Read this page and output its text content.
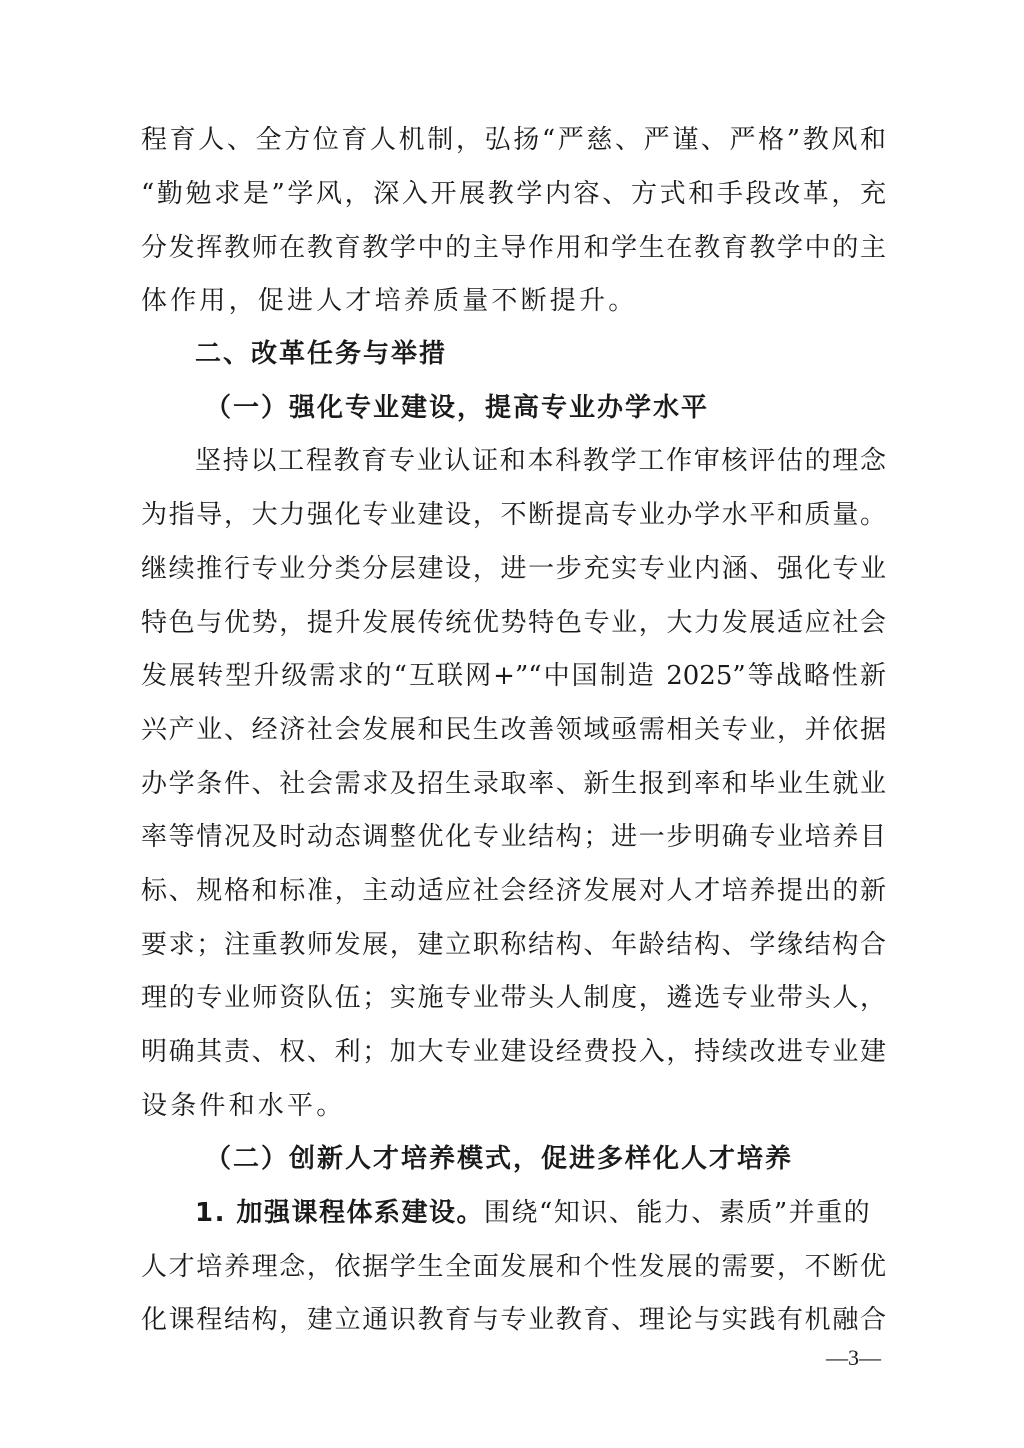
程育人、全方位育人机制，弘扬“严慈、严谨、严格”教风和
“勤勉求是”学风，深入开展教学内容、方式和手段改革，充
分发挥教师在教育教学中的主导作用和学生在教育教学中的主
体作用，促进人才培养质量不断提升。
二、改革任务与举措
（一）强化专业建设，提高专业办学水平
坚持以工程教育专业认证和本科教学工作审核评估的理念
为指导，大力强化专业建设，不断提高专业办学水平和质量。
继续推行专业分类分层建设，进一步充实专业内涵、强化专业
特色与优势，提升发展传统优势特色专业，大力发展适应社会
发展转型升级需求的“互联网+”“中国制造 2025”等战略性新
兴产业、经济社会发展和民生改善领域亟需相关专业，并依据
办学条件、社会需求及招生录取率、新生报到率和毕业生就业
率等情况及时动态调整优化专业结构；进一步明确专业培养目
标、规格和标准，主动适应社会经济发展对人才培养提出的新
要求；注重教师发展，建立职称结构、年龄结构、学缘结构合
理的专业师资队伍；实施专业带头人制度，遴选专业带头人，
明确其责、权、利；加大专业建设经费投入，持续改进专业建
设条件和水平。
（二）创新人才培养模式，促进多样化人才培养
1. 加强课程体系建设。围绕“知识、能力、素质”并重的
人才培养理念，依据学生全面发展和个性发展的需要，不断优
化课程结构，建立通识教育与专业教育、理论与实践有机融合
—3—
